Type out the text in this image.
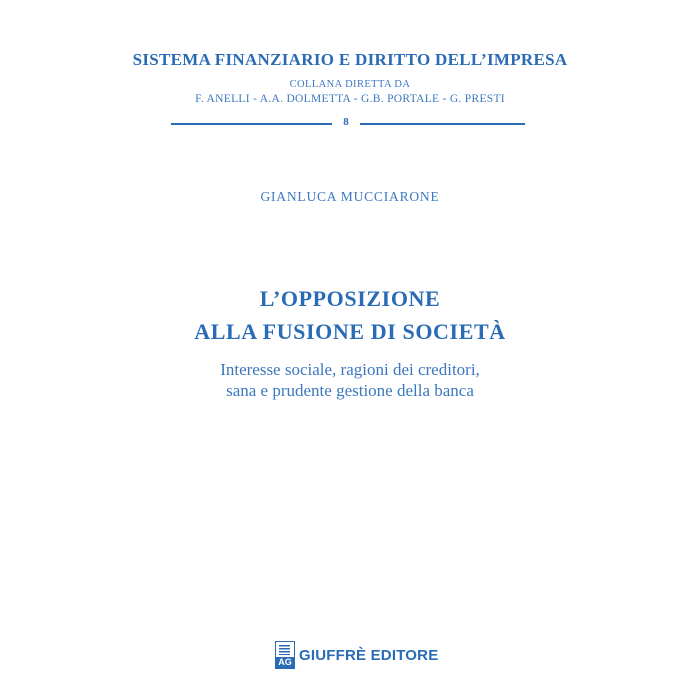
SISTEMA FINANZIARIO E DIRITTO DELL’IMPRESA
COLLANA DIRETTA DA
F. ANELLI - A.A. DOLMETTA - G.B. PORTALE - G. PRESTI
8
GIANLUCA MUCCIARONE
L’OPPOSIZIONE
ALLA FUSIONE DI SOCIETÀ
Interesse sociale, ragioni dei creditori,
sana e prudente gestione della banca
AG GIUFFRÈ EDITORE
